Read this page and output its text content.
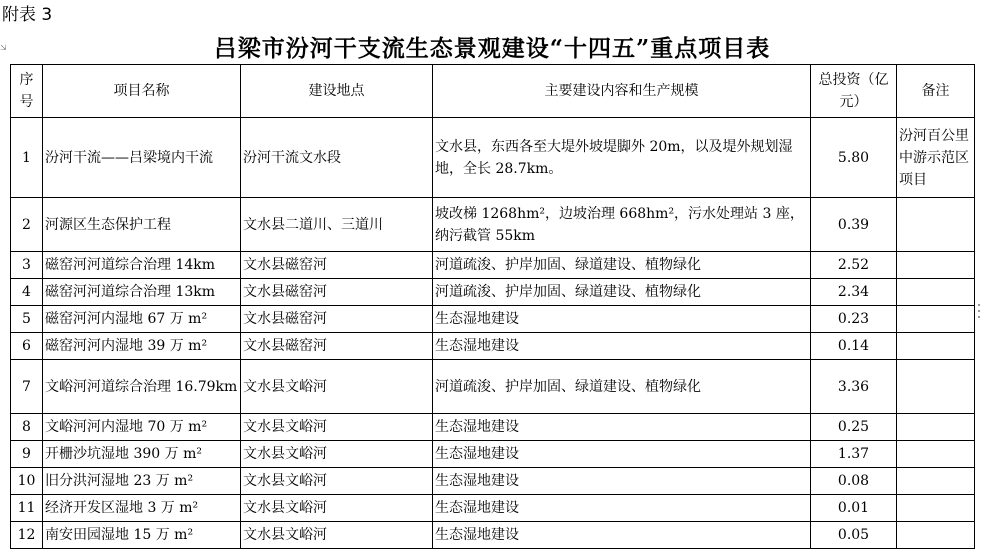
附表 3
⇲	吕梁市汾河干支流生态景观建设“十四五”重点项目表
序号	项目名称	建设地点	主要建设内容和生产规模	总投资（亿元）	备注
1	汾河干流——吕梁境内干流	汾河干流文水段	文水县，东西各至大堤外坡堤脚外 20m，以及堤外规划湿地，全长 28.7km。	5.80	汾河百公里中游示范区项目
2	河源区生态保护工程	文水县二道川、三道川	坡改梯 1268hm²，边坡治理 668hm²，污水处理站 3 座，纳污截管 55km	0.39	
3	磁窑河河道综合治理 14km	文水县磁窑河	河道疏浚、护岸加固、绿道建设、植物绿化	2.52	
4	磁窑河河道综合治理 13km	文水县磁窑河	河道疏浚、护岸加固、绿道建设、植物绿化	2.34	
5	磁窑河河内湿地 67 万 m²	文水县磁窑河	生态湿地建设	0.23	
6	磁窑河河内湿地 39 万 m²	文水县磁窑河	生态湿地建设	0.14	
7	文峪河河道综合治理 16.79km	文水县文峪河	河道疏浚、护岸加固、绿道建设、植物绿化	3.36	
8	文峪河河内湿地 70 万 m²	文水县文峪河	生态湿地建设	0.25	
9	开栅沙坑湿地 390 万 m²	文水县文峪河	生态湿地建设	1.37	
10	旧分洪河湿地 23 万 m²	文水县文峪河	生态湿地建设	0.08	
11	经济开发区湿地 3 万 m²	文水县文峪河	生态湿地建设	0.01	
12	南安田园湿地 15 万 m²	文水县文峪河	生态湿地建设	0.05	
